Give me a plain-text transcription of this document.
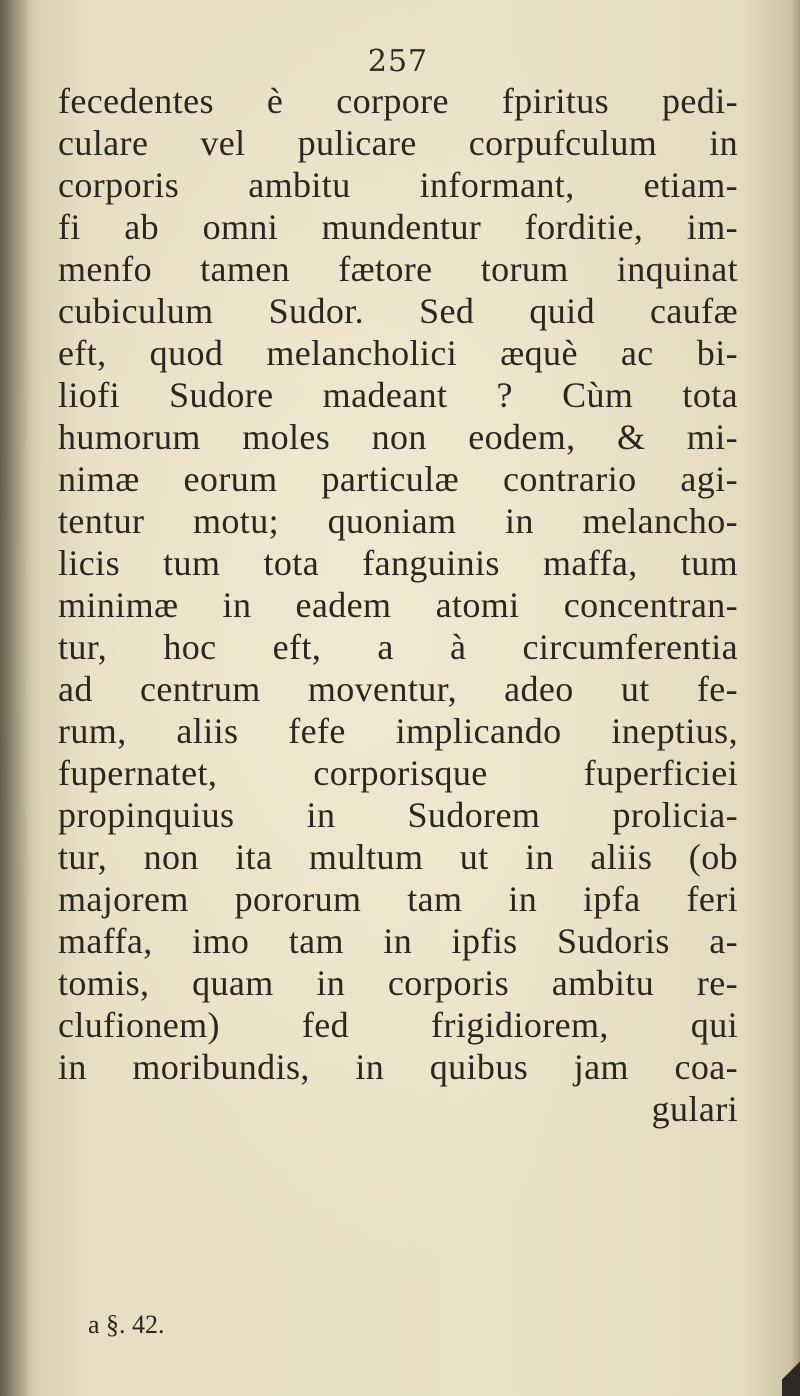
257
fecedentes è corpore fpiritus pedi-
culare vel pulicare corpufculum in
corporis ambitu informant, etiam-
fi ab omni mundentur forditie, im-
menfo tamen fætore torum inquinat
cubiculum Sudor. Sed quid caufæ
eft, quod melancholici æquè ac bi-
liofi Sudore madeant ? Cùm tota
humorum moles non eodem, & mi-
nimæ eorum particulæ contrario agi-
tentur motu; quoniam in melancho-
licis tum tota fanguinis maffa, tum
minimæ in eadem atomi concentran-
tur, hoc eft, a à circumferentia
ad centrum moventur, adeo ut fe-
rum, aliis fefe implicando ineptius,
fupernatet, corporisque fuperficiei
propinquius in Sudorem prolicia-
tur, non ita multum ut in aliis (ob
majorem pororum tam in ipfa feri
maffa, imo tam in ipfis Sudoris a-
tomis, quam in corporis ambitu re-
clufionem) fed frigidiorem, qui
in moribundis, in quibus jam coa-
gulari
a §. 42.
